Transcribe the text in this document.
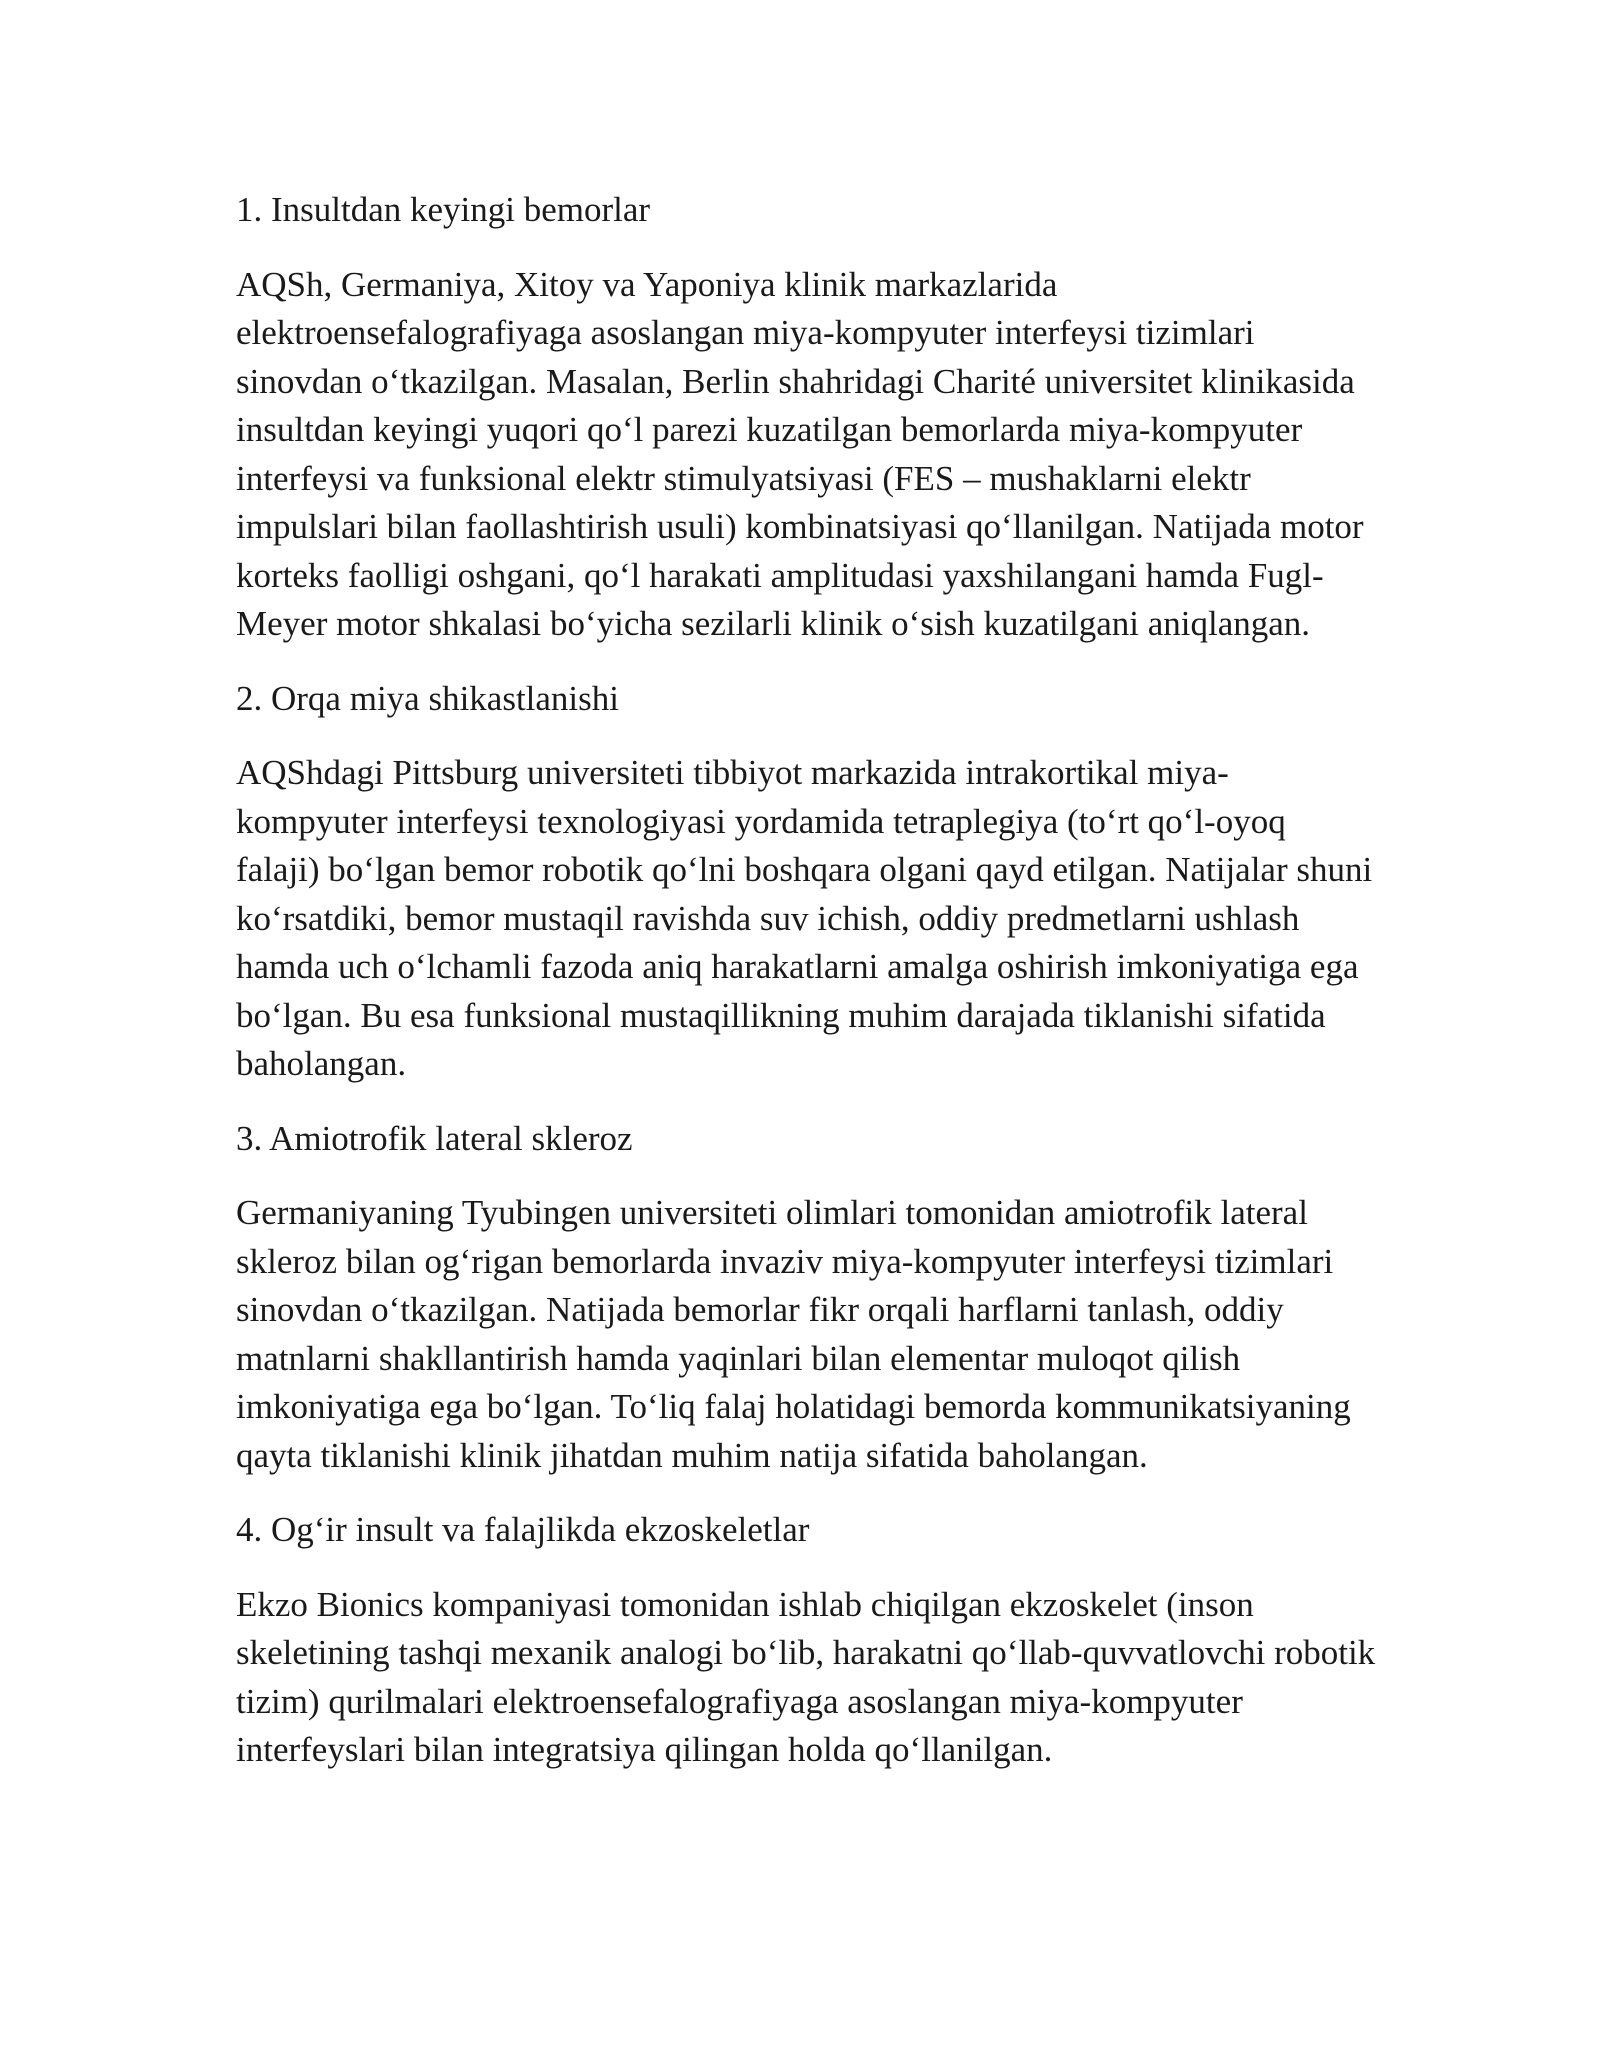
1. Insultdan keyingi bemorlar

AQSh, Germaniya, Xitoy va Yaponiya klinik markazlarida elektroensefalografiyaga asoslangan miya-kompyuter interfeysi tizimlari sinovdan o‘tkazilgan. Masalan, Berlin shahridagi Charité universitet klinikasida insultdan keyingi yuqori qo‘l parezi kuzatilgan bemorlarda miya-kompyuter interfeysi va funksional elektr stimulyatsiyasi (FES – mushaklarni elektr impulslari bilan faollashtirish usuli) kombinatsiyasi qo‘llanilgan. Natijada motor korteks faolligi oshgani, qo‘l harakati amplitudasi yaxshilangani hamda Fugl-Meyer motor shkalasi bo‘yicha sezilarli klinik o‘sish kuzatilgani aniqlangan.

2. Orqa miya shikastlanishi

AQShdagi Pittsburg universiteti tibbiyot markazida intrakortikal miya-kompyuter interfeysi texnologiyasi yordamida tetraplegiya (to‘rt qo‘l-oyoq falaji) bo‘lgan bemor robotik qo‘lni boshqara olgani qayd etilgan. Natijalar shuni ko‘rsatdiki, bemor mustaqil ravishda suv ichish, oddiy predmetlarni ushlash hamda uch o‘lchamli fazoda aniq harakatlarni amalga oshirish imkoniyatiga ega bo‘lgan. Bu esa funksional mustaqillikning muhim darajada tiklanishi sifatida baholangan.

3. Amiotrofik lateral skleroz

Germaniyaning Tyubingen universiteti olimlari tomonidan amiotrofik lateral skleroz bilan og‘rigan bemorlarda invaziv miya-kompyuter interfeysi tizimlari sinovdan o‘tkazilgan. Natijada bemorlar fikr orqali harflarni tanlash, oddiy matnlarni shakllantirish hamda yaqinlari bilan elementar muloqot qilish imkoniyatiga ega bo‘lgan. To‘liq falaj holatidagi bemorda kommunikatsiyaning qayta tiklanishi klinik jihatdan muhim natija sifatida baholangan.

4. Og‘ir insult va falajlikda ekzoskeletlar

Ekzo Bionics kompaniyasi tomonidan ishlab chiqilgan ekzoskelet (inson skeletining tashqi mexanik analogi bo‘lib, harakatni qo‘llab-quvvatlovchi robotik tizim) qurilmalari elektroensefalografiyaga asoslangan miya-kompyuter interfeyslari bilan integratsiya qilingan holda qo‘llanilgan.
